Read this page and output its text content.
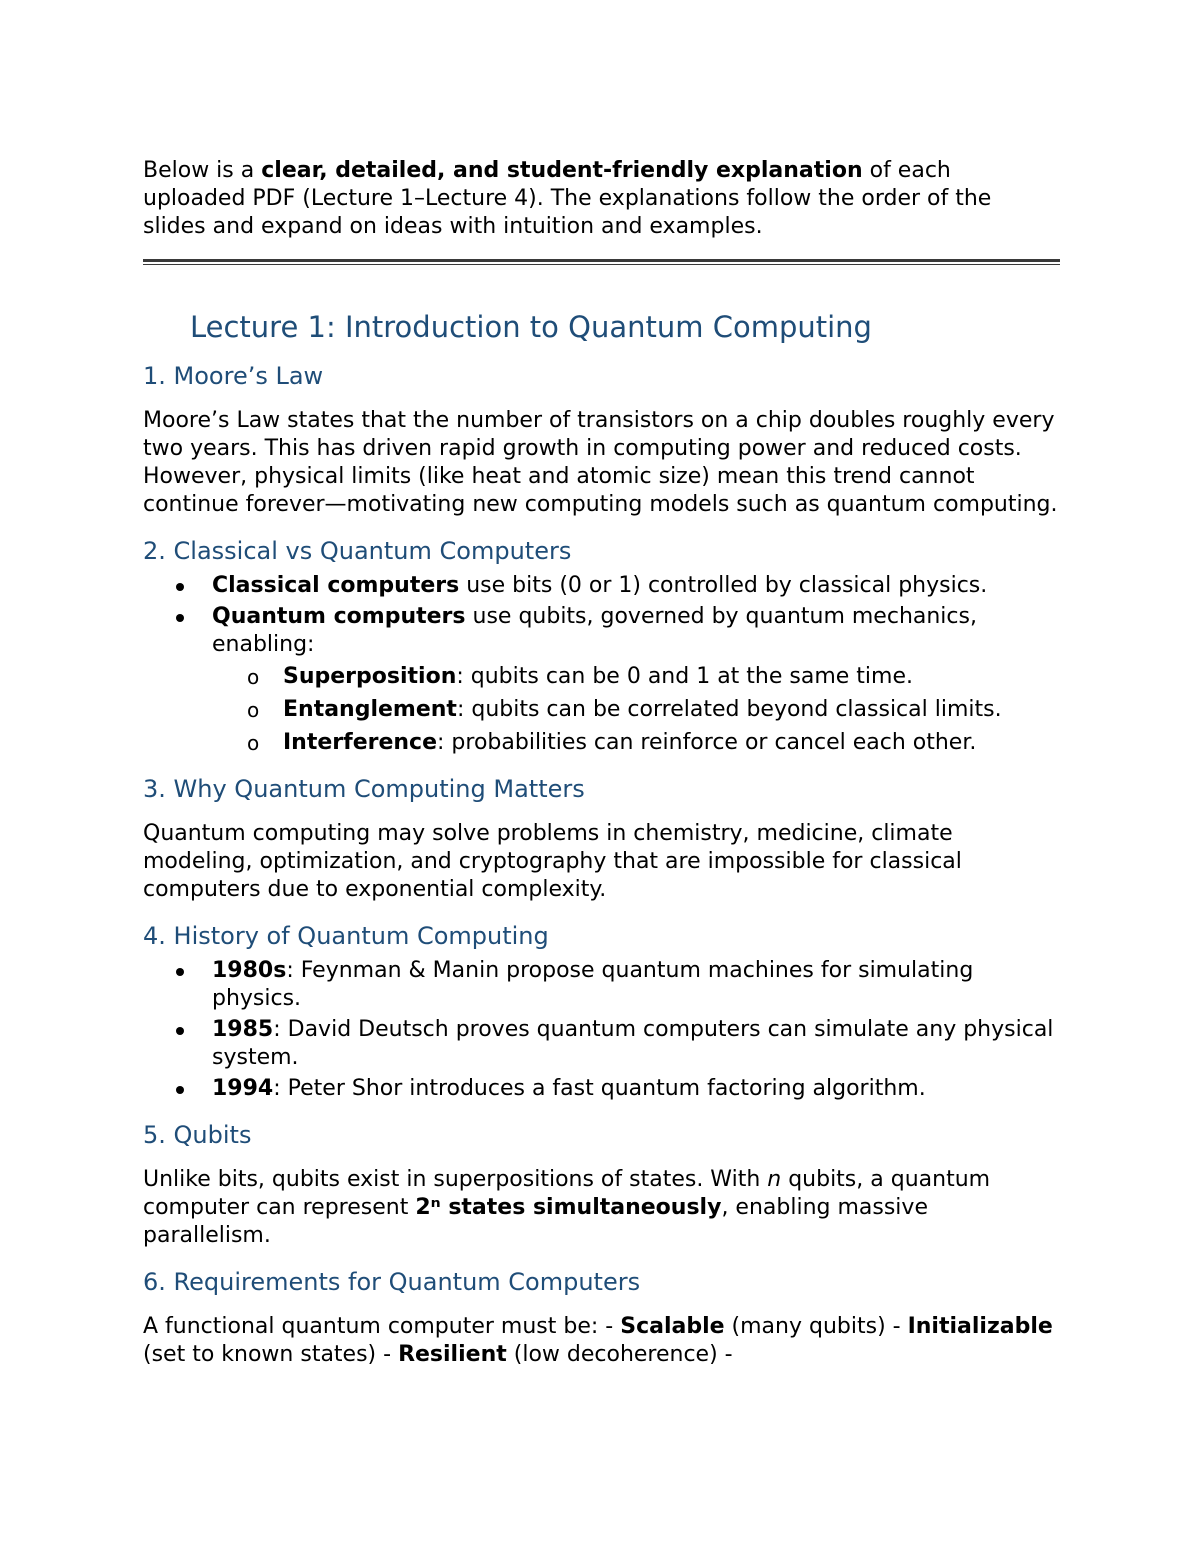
Below is a clear, detailed, and student-friendly explanation of each uploaded PDF (Lecture 1–Lecture 4). The explanations follow the order of the slides and expand on ideas with intuition and examples.

Lecture 1: Introduction to Quantum Computing
1. Moore’s Law

Moore’s Law states that the number of transistors on a chip doubles roughly every two years. This has driven rapid growth in computing power and reduced costs. However, physical limits (like heat and atomic size) mean this trend cannot continue forever—motivating new computing models such as quantum computing.

2. Classical vs Quantum Computers
Classical computers use bits (0 or 1) controlled by classical physics.
Quantum computers use qubits, governed by quantum mechanics, enabling:
o Superposition: qubits can be 0 and 1 at the same time.
o Entanglement: qubits can be correlated beyond classical limits.
o Interference: probabilities can reinforce or cancel each other.
3. Why Quantum Computing Matters

Quantum computing may solve problems in chemistry, medicine, climate modeling, optimization, and cryptography that are impossible for classical computers due to exponential complexity.

4. History of Quantum Computing
1980s: Feynman & Manin propose quantum machines for simulating physics.
1985: David Deutsch proves quantum computers can simulate any physical system.
1994: Peter Shor introduces a fast quantum factoring algorithm.
5. Qubits

Unlike bits, qubits exist in superpositions of states. With n qubits, a quantum computer can represent 2ⁿ states simultaneously, enabling massive parallelism.

6. Requirements for Quantum Computers

A functional quantum computer must be: - Scalable (many qubits) - Initializable (set to known states) - Resilient (low decoherence) -
